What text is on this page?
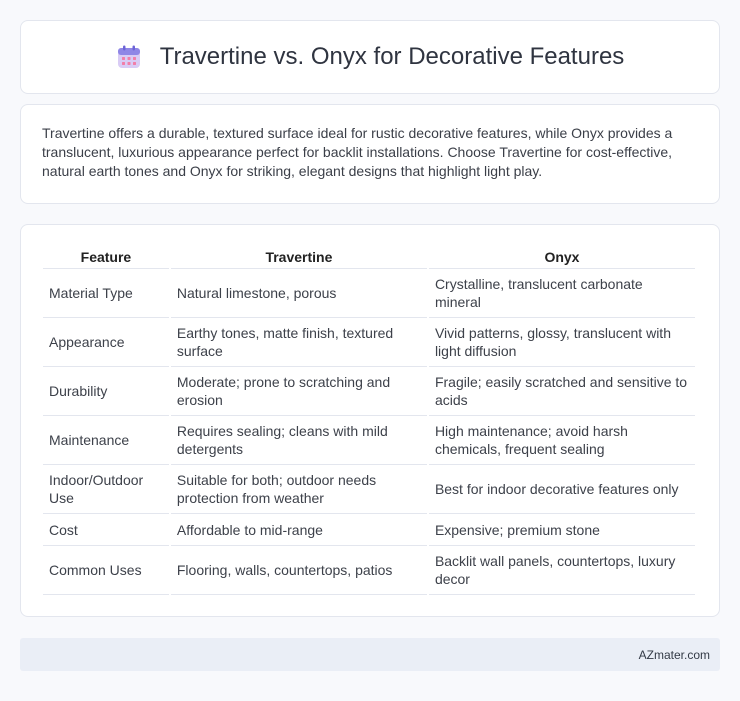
Travertine vs. Onyx for Decorative Features

Travertine offers a durable, textured surface ideal for rustic decorative features, while Onyx provides a translucent, luxurious appearance perfect for backlit installations. Choose Travertine for cost-effective, natural earth tones and Onyx for striking, elegant designs that highlight light play.

Feature	Travertine	Onyx
Material Type	Natural limestone, porous	Crystalline, translucent carbonate mineral
Appearance	Earthy tones, matte finish, textured surface	Vivid patterns, glossy, translucent with light diffusion
Durability	Moderate; prone to scratching and erosion	Fragile; easily scratched and sensitive to acids
Maintenance	Requires sealing; cleans with mild detergents	High maintenance; avoid harsh chemicals, frequent sealing
Indoor/Outdoor Use	Suitable for both; outdoor needs protection from weather	Best for indoor decorative features only
Cost	Affordable to mid-range	Expensive; premium stone
Common Uses	Flooring, walls, countertops, patios	Backlit wall panels, countertops, luxury decor
AZmater.com
